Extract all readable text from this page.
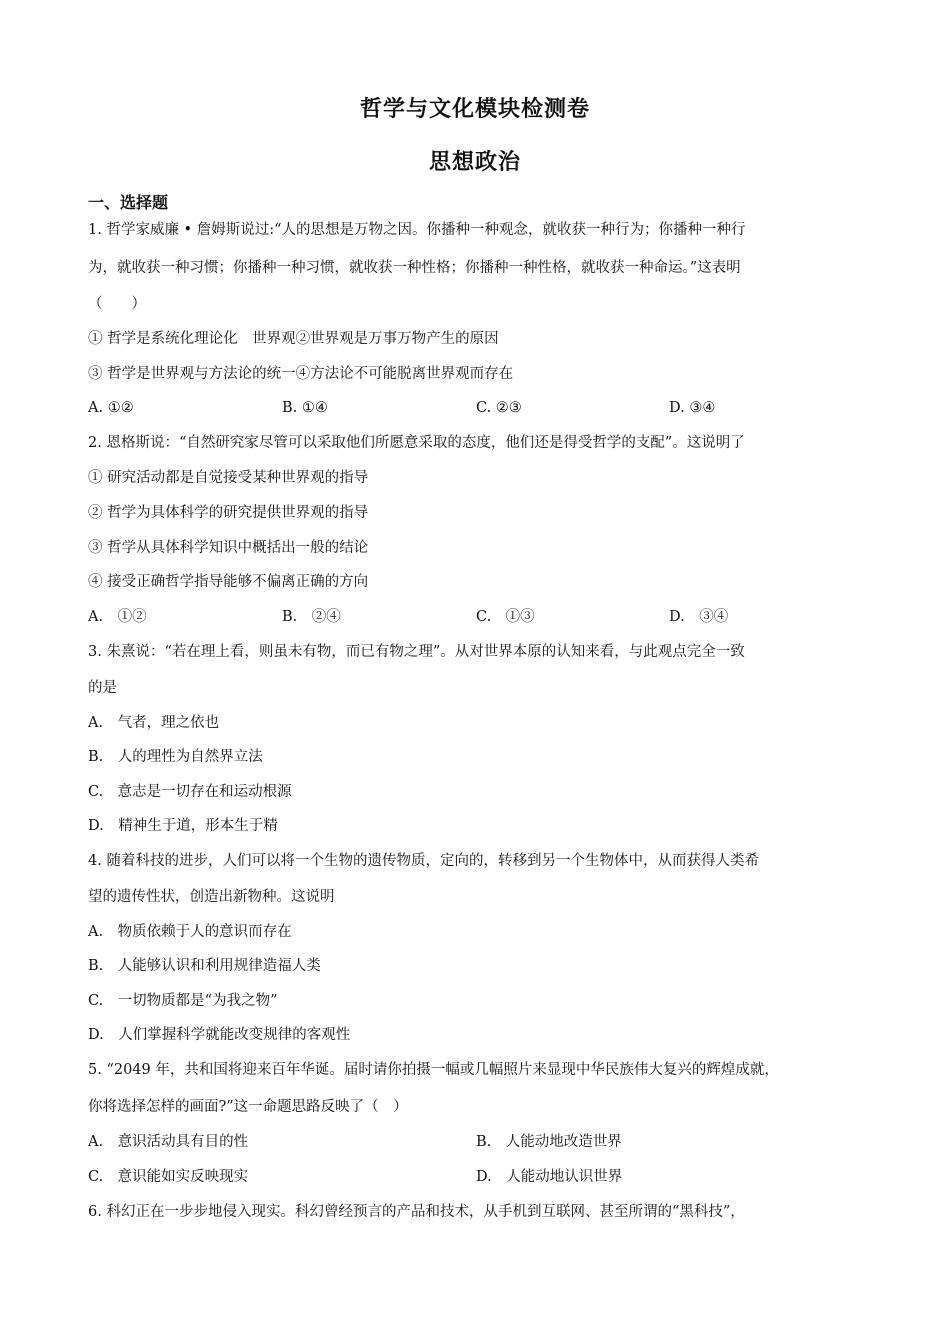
哲学与文化模块检测卷
思想政治
一、选择题
1. 哲学家威廉 • 詹姆斯说过:“人的思想是万物之因。你播种一种观念，就收获一种行为；你播种一种行
为，就收获一种习惯；你播种一种习惯，就收获一种性格；你播种一种性格，就收获一种命运。”这表明
（　　）
① 哲学是系统化理论化　世界观②世界观是万事万物产生的原因
③ 哲学是世界观与方法论的统一④方法论不可能脱离世界观而存在
A. ①②	B. ①④	C. ②③	D. ③④
2. 恩格斯说：“自然研究家尽管可以采取他们所愿意采取的态度，他们还是得受哲学的支配”。这说明了
① 研究活动都是自觉接受某种世界观的指导
② 哲学为具体科学的研究提供世界观的指导
③ 哲学从具体科学知识中概括出一般的结论
④ 接受正确哲学指导能够不偏离正确的方向
A.　①②	B.　②④	C.　①③	D.　③④
3. 朱熹说：“若在理上看，则虽未有物，而已有物之理”。从对世界本原的认知来看，与此观点完全一致
的是
A.　气者，理之依也
B.　人的理性为自然界立法
C.　意志是一切存在和运动根源
D.　精神生于道，形本生于精
4. 随着科技的进步，人们可以将一个生物的遗传物质，定向的，转移到另一个生物体中，从而获得人类希
望的遗传性状，创造出新物种。这说明
A.　物质依赖于人的意识而存在
B.　人能够认识和利用规律造福人类
C.　一切物质都是“为我之物”
D.　人们掌握科学就能改变规律的客观性
5. “2049 年，共和国将迎来百年华诞。届时请你拍摄一幅或几幅照片来显现中华民族伟大复兴的辉煌成就，
你将选择怎样的画面?”这一命题思路反映了（　）
A.　意识活动具有目的性	B.　人能动地改造世界
C.　意识能如实反映现实	D.　人能动地认识世界
6. 科幻正在一步步地侵入现实。科幻曾经预言的产品和技术，从手机到互联网、甚至所谓的“黑科技”，
